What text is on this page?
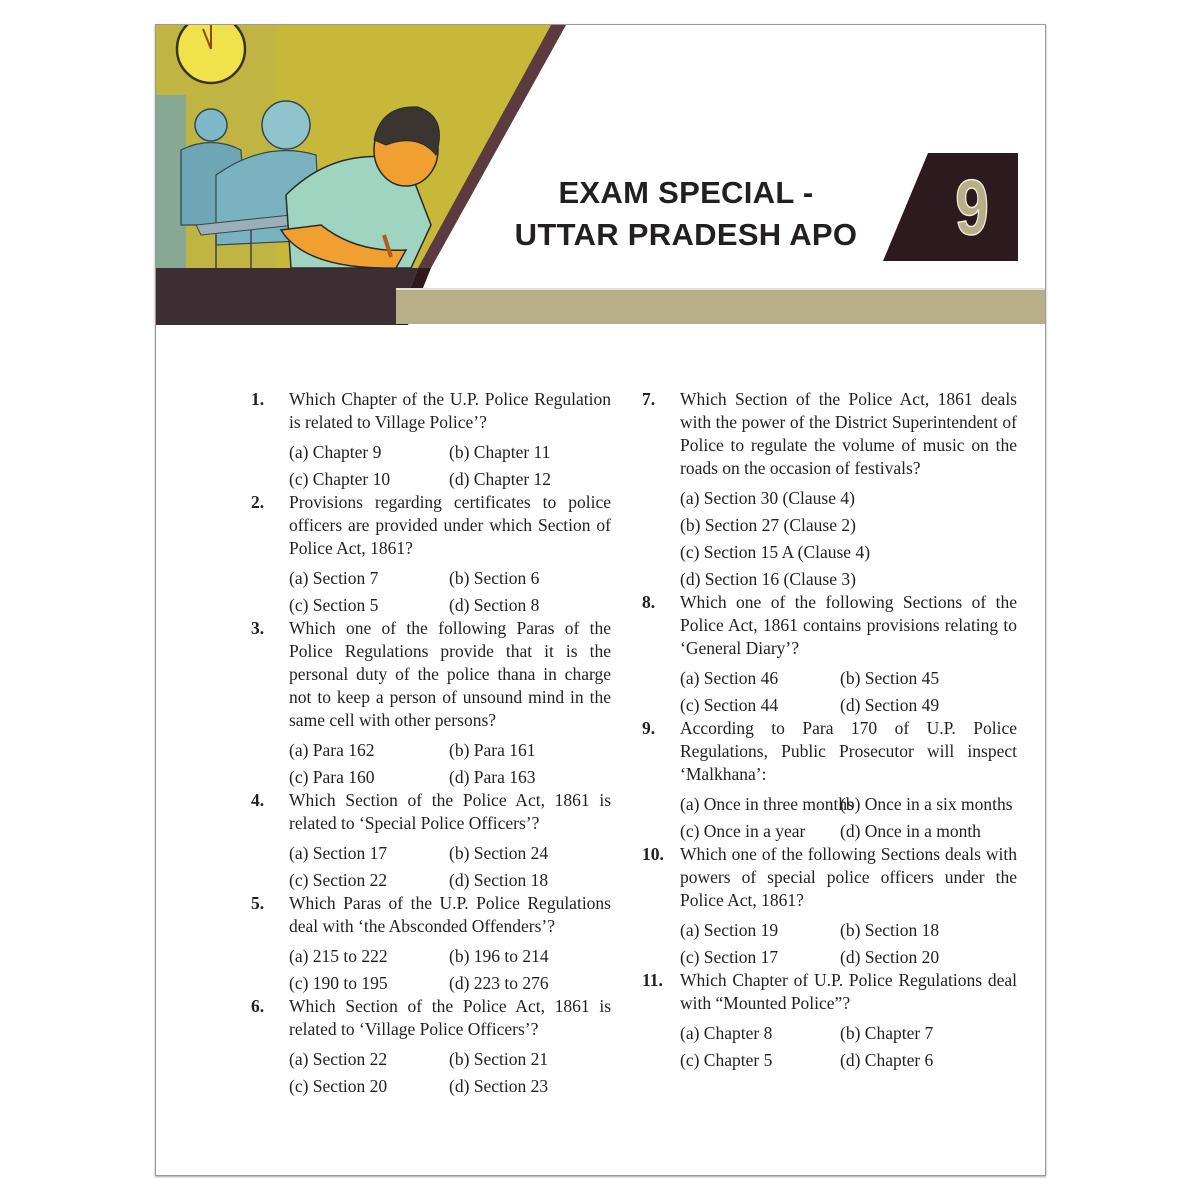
EXAM SPECIAL -
UTTAR PRADESH APO	9
1. Which Chapter of the U.P. Police Regulation is related to Village Police’?
(a) Chapter 9	(b) Chapter 11
(c) Chapter 10	(d) Chapter 12
2. Provisions regarding certificates to police officers are provided under which Section of Police Act, 1861?
(a) Section 7	(b) Section 6
(c) Section 5	(d) Section 8
3. Which one of the following Paras of the Police Regulations provide that it is the personal duty of the police thana in charge not to keep a person of unsound mind in the same cell with other persons?
(a) Para 162	(b) Para 161
(c) Para 160	(d) Para 163
4. Which Section of the Police Act, 1861 is related to ‘Special Police Officers’?
(a) Section 17	(b) Section 24
(c) Section 22	(d) Section 18
5. Which Paras of the U.P. Police Regulations deal with ‘the Absconded Offenders’?
(a) 215 to 222	(b) 196 to 214
(c) 190 to 195	(d) 223 to 276
6. Which Section of the Police Act, 1861 is related to ‘Village Police Officers’?
(a) Section 22	(b) Section 21
(c) Section 20	(d) Section 23
7. Which Section of the Police Act, 1861 deals with the power of the District Superintendent of Police to regulate the volume of music on the roads on the occasion of festivals?
(a) Section 30 (Clause 4)
(b) Section 27 (Clause 2)
(c) Section 15 A (Clause 4)
(d) Section 16 (Clause 3)
8. Which one of the following Sections of the Police Act, 1861 contains provisions relating to ‘General Diary’?
(a) Section 46	(b) Section 45
(c) Section 44	(d) Section 49
9. According to Para 170 of U.P. Police Regulations, Public Prosecutor will inspect ‘Malkhana’:
(a) Once in three months
(b) Once in a six months
(c) Once in a year	(d) Once in a month
10. Which one of the following Sections deals with powers of special police officers under the Police Act, 1861?
(a) Section 19	(b) Section 18
(c) Section 17	(d) Section 20
11. Which Chapter of U.P. Police Regulations deal with “Mounted Police”?
(a) Chapter 8	(b) Chapter 7
(c) Chapter 5	(d) Chapter 6
